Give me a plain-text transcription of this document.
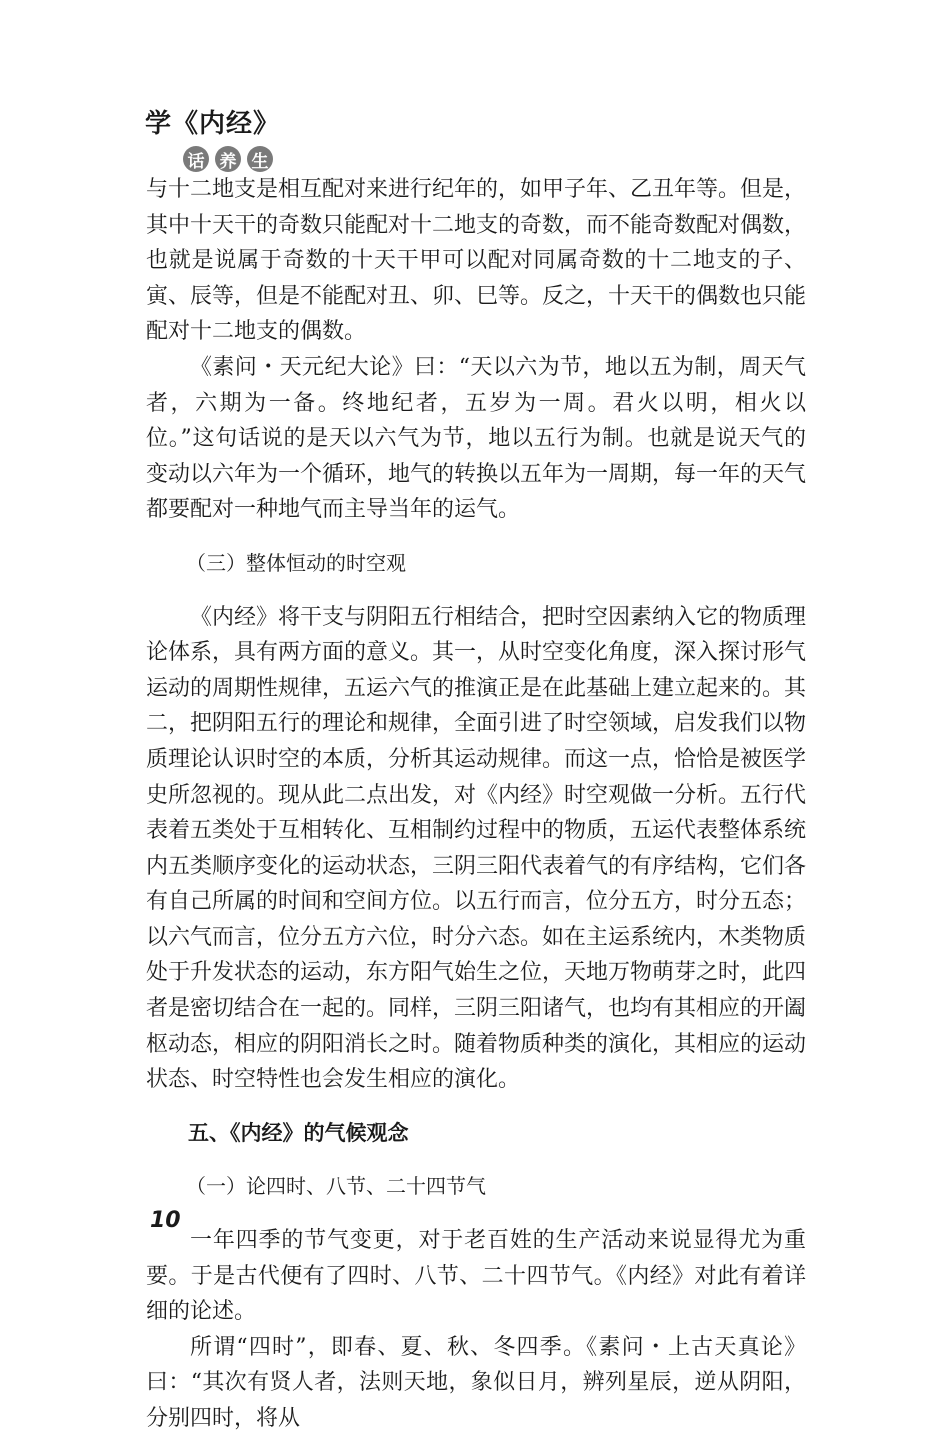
学《内经》
话 养 生

与十二地支是相互配对来进行纪年的，如甲子年、乙丑年等。但是，其中十天干的奇数只能配对十二地支的奇数，而不能奇数配对偶数，也就是说属于奇数的十天干甲可以配对同属奇数的十二地支的子、寅、辰等，但是不能配对丑、卯、巳等。反之，十天干的偶数也只能配对十二地支的偶数。

《素问・天元纪大论》曰：“天以六为节，地以五为制，周天气者，六期为一备。终地纪者，五岁为一周。君火以明，相火以位。”这句话说的是天以六气为节，地以五行为制。也就是说天气的变动以六年为一个循环，地气的转换以五年为一周期，每一年的天气都要配对一种地气而主导当年的运气。

（三）整体恒动的时空观

《内经》将干支与阴阳五行相结合，把时空因素纳入它的物质理论体系，具有两方面的意义。其一，从时空变化角度，深入探讨形气运动的周期性规律，五运六气的推演正是在此基础上建立起来的。其二，把阴阳五行的理论和规律，全面引进了时空领域，启发我们以物质理论认识时空的本质，分析其运动规律。而这一点，恰恰是被医学史所忽视的。现从此二点出发，对《内经》时空观做一分析。五行代表着五类处于互相转化、互相制约过程中的物质，五运代表整体系统内五类顺序变化的运动状态，三阴三阳代表着气的有序结构，它们各有自己所属的时间和空间方位。以五行而言，位分五方，时分五态；以六气而言，位分五方六位，时分六态。如在主运系统内，木类物质处于升发状态的运动，东方阳气始生之位，天地万物萌芽之时，此四者是密切结合在一起的。同样，三阴三阳诸气，也均有其相应的开阖枢动态，相应的阴阳消长之时。随着物质种类的演化，其相应的运动状态、时空特性也会发生相应的演化。

五、《内经》的气候观念

（一）论四时、八节、二十四节气

一年四季的节气变更，对于老百姓的生产活动来说显得尤为重要。于是古代便有了四时、八节、二十四节气。《内经》对此有着详细的论述。

所谓“四时”，即春、夏、秋、冬四季。《素问・上古天真论》曰：“其次有贤人者，法则天地，象似日月，辨列星辰，逆从阴阳，分别四时，将从

10
